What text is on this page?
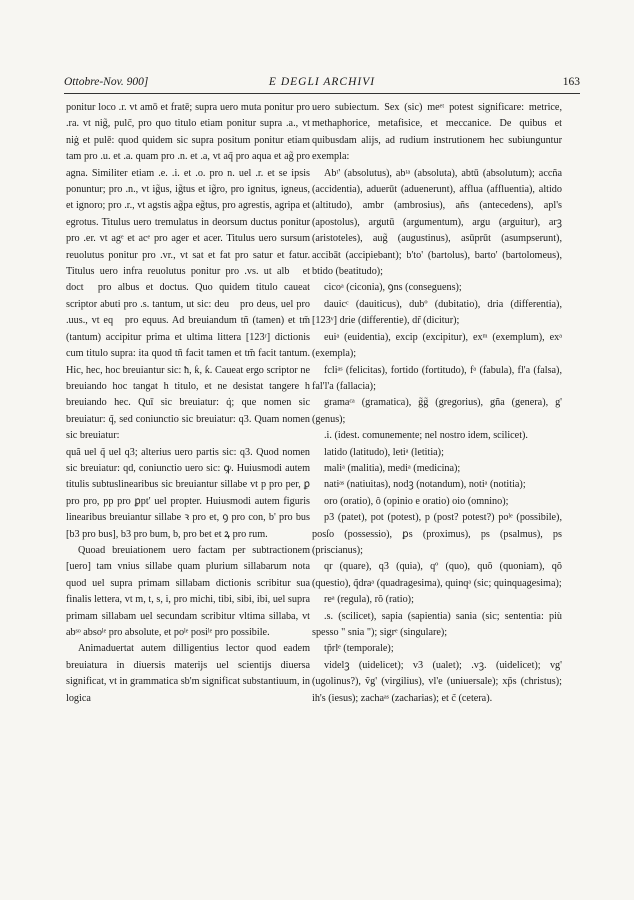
Ottobre-Nov. 900]	E DEGLI ARCHIVI	163

ponitur loco .r. vt amō et fratē; supra uero muta ponitur pro .ra. vt nig̃, pulc̃, pro quo titulo etiam ponitur supra .a., vt niġ et pulē: quod quidem sic supra positum ponitur etiam tam pro .u. et .a. quam pro .n. et .a, vt aq̃ pro aqua et ag̃ pro agna. Similiter etiam .e. .i. et .o. pro n. uel .r. et se ipsis ponuntur; pro .n., vt ig̃us, ig̃tus et ig̃ro, pro ignitus, igneus, et ignoro; pro .r., vt agstis ag̃pa eg̃tus, pro agrestis, agripa et egrotus. Titulus uero tremulatus in deorsum ductus ponitur pro .er. vt agᵉ et acᵉ pro ager et acer. Titulus uero sursum reuolutus ponitur pro .vr., vt sat et fat pro satur et fatur. Titulus uero infra reuolutus ponitur pro .vs. ut alb᷒ et doct᷒ pro albus et doctus. Quo quidem titulo caueat scriptor abuti pro .s. tantum, ut sic: deu᷒ pro deus, uel pro .uus., vt eq᷒ pro equus. Ad breuiandum tñ (tamen) et tm̃ (tantum) accipitur prima et ultima littera [123ʳ] dictionis cum titulo supra: ita quod tñ facit tamen et tm̃ facit tantum. Hic, hec, hoc breuiantur sic: ħ, ƙ, ƙ. Caueat ergo scriptor ne breuiando hoc tangat h titulo, et ne desistat tangere h breuiando hec. Quī sic breuiatur: q̇; que nomen sic breuiatur: q̃, sed coniunctio sic breuiatur: q3. Quam nomen sic breuiatur:

quã uel q̃ uel q3; alterius uero partis sic: q3. Quod nomen sic breuiatur: qd, coniunctio uero sic: ꝙ. Huiusmodi autem titulis subtuslinearibus sic breuiantur sillabe vt p pro per, ꝑ pro pro, pp pro ꝑpt' uel propter. Huiusmodi autem figuris linearibus breuiantur sillabe ꝛ pro et, ꝯ pro con, b' pro bus [b3 pro bus], b3 pro bum, b, pro bet et ꝝ pro rum.

Quoad breuiationem uero factam per subtractionem [uero] tam vnius sillabe quam plurium sillabarum nota quod uel supra primam sillabam dictionis scribitur sua finalis lettera, vt m, t, s, i, pro michi, tibi, sibi, ibi, uel supra primam sillabam uel secundam scribitur vltima sillaba, vt abˢᵒ absoˡᵉ pro absolute, et poˡᵉ posiˡᵉ pro possibile.

Animaduertat autem dilligentius lector quod eadem breuiatura in diuersis materijs uel scientijs diuersa significat, vt in grammatica sb'm significat substantiuum, in logica

uero subiectum. Sex (sic) meᵉᵗ potest significare: metrice, methaphorice, metafisice, et meccanice. De quibus et quibusdam alijs, ad rudium instrutionem hec subiunguntur exempla:

Abᵗ' (absolutus), abᵗᵃ (absoluta), abtū (absolutum); accña (accidentia), aduerūt (aduenerunt), afflua (affluentia), altido (altitudo), ambr (ambrosius), añs (antecedens), apl's (apostolus), argutū (argumentum), argu (arguitur), arꝫ (aristoteles), aug̃ (augustinus), asūprūt (asumpserunt), accibāt (accipiebant); b'to' (bartolus), barto' (bartolomeus), btido (beatitudo);

cicoᵃ (ciconia), ꝯns (conseguens);

dauicᶜ (dauiticus), dubº (dubitatio), dria (differentia), [123ᵛ] drie (differentie), dr̃ (dicitur);

euiᵃ (euidentia), excip (excipitur), exᵐ (exemplum), exᵃ (exempla);

fcliᵃˢ (felicitas), fortido (fortitudo), fᵃ (fabula), fl'a (falsa), fal'l'a (fallacia);

gramaᶜᵃ (gramatica), g̃g̃ (gregorius), gña (genera), g' (genus);

.i. (idest. comunemente; nel nostro idem, scilicet).

latido (latitudo), letiᵃ (letitia);

maliᵃ (malitia), mediᵃ (medicina);

natiᵃˢ (natiuitas), nodꝫ (notandum), notiᵃ (notitia);

oro (oratio), ô (opinio e oratio) oio (omnino);

p3 (patet), pot (potest), p (post? potest?) poˡᵉ (possibile), posſo (possessio), ꝑs (proximus), ps (psalmus), ps (priscianus);

qr (quare), q3 (quia), qº (quo), quõ (quoniam), qõ (questio), q̃draᵃ (quadragesima), quinqᵃ (sic; quinquagesima);

reᵃ (regula), rõ (ratio);

.s. (scilicet), sapia (sapientia) sania (sic; sententia: più spesso " snia "); sigrᵉ (singulare);

tp̃rlᵉ (temporale);

videlꝫ (uidelicet); v3 (ualet); .vꝫ. (uidelicet); vg' (ugolinus?), ṽg' (virgilius), vl'e (uniuersale); xp̃s (christus); ih's (iesus); zachaᵃˢ (zacharias); et c̃ (cetera).
